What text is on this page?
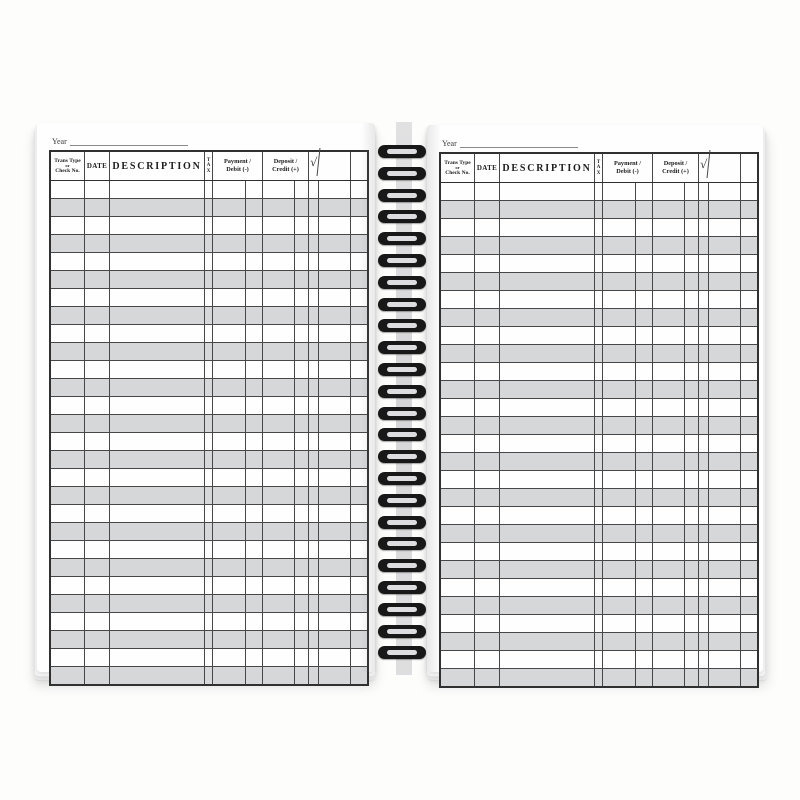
Year
Trans Type
or
Check No.
DATE DESCRIPTION
T
A
X
Payment /
Debit (-)
Deposit /
Credit (+)
√
Year
Trans Type
or
Check No.
DATE DESCRIPTION
T
A
X
Payment /
Debit (-)
Deposit /
Credit (+)
√
